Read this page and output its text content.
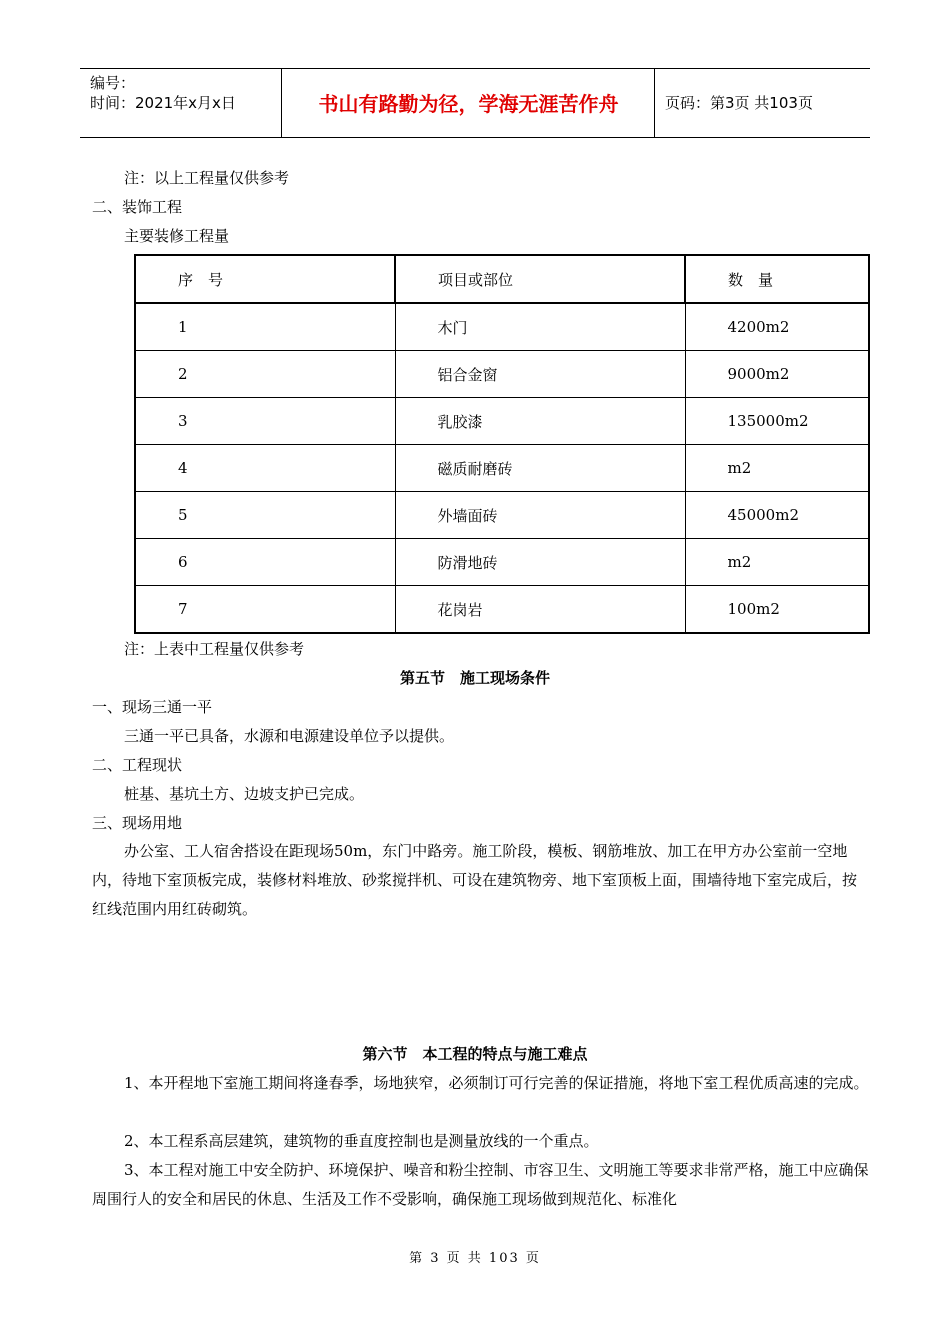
编号：
时间：2021年x月x日	书山有路勤为径，学海无涯苦作舟	页码：第3页 共103页
注：以上工程量仅供参考
二、装饰工程
主要装修工程量
序　号	项目或部位	数　量
1	木门	4200m2
2	铝合金窗	9000m2
3	乳胶漆	135000m2
4	磁质耐磨砖	m2
5	外墙面砖	45000m2
6	防滑地砖	m2
7	花岗岩	100m2
注：上表中工程量仅供参考
第五节　施工现场条件
一、现场三通一平
三通一平已具备，水源和电源建设单位予以提供。
二、工程现状
桩基、基坑土方、边坡支护已完成。
三、现场用地
办公室、工人宿舍搭设在距现场50m，东门中路旁。施工阶段，模板、钢筋堆放、加工在甲方办公室前一空地内，待地下室顶板完成，装修材料堆放、砂浆搅拌机、可设在建筑物旁、地下室顶板上面，围墙待地下室完成后，按红线范围内用红砖砌筑。
第六节　本工程的特点与施工难点
1、本开程地下室施工期间将逢春季，场地狭窄，必须制订可行完善的保证措施，将地下室工程优质高速的完成。
2、本工程系高层建筑，建筑物的垂直度控制也是测量放线的一个重点。
3、本工程对施工中安全防护、环境保护、噪音和粉尘控制、市容卫生、文明施工等要求非常严格，施工中应确保周围行人的安全和居民的休息、生活及工作不受影响，确保施工现场做到规范化、标准化
第 3 页 共 103 页
